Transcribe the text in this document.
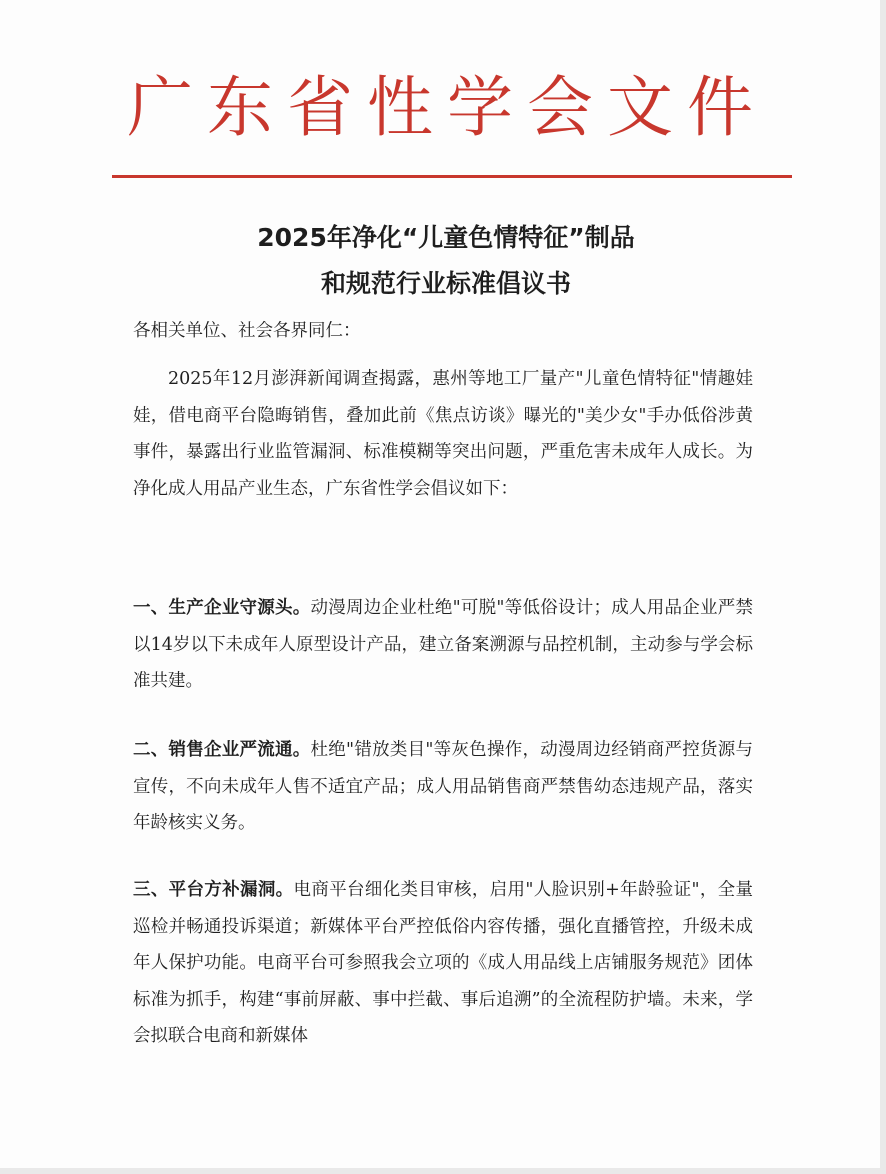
广东省性学会文件
2025年净化“儿童色情特征”制品
和规范行业标准倡议书
各相关单位、社会各界同仁：
2025年12月澎湃新闻调查揭露，惠州等地工厂量产"儿童色情特征"情趣娃娃，借电商平台隐晦销售，叠加此前《焦点访谈》曝光的"美少女"手办低俗涉黄事件，暴露出行业监管漏洞、标准模糊等突出问题，严重危害未成年人成长。为净化成人用品产业生态，广东省性学会倡议如下：
一、生产企业守源头。动漫周边企业杜绝"可脱"等低俗设计；成人用品企业严禁以14岁以下未成年人原型设计产品，建立备案溯源与品控机制，主动参与学会标准共建。
二、销售企业严流通。杜绝"错放类目"等灰色操作，动漫周边经销商严控货源与宣传，不向未成年人售不适宜产品；成人用品销售商严禁售幼态违规产品，落实年龄核实义务。
三、平台方补漏洞。电商平台细化类目审核，启用"人脸识别+年龄验证"，全量巡检并畅通投诉渠道；新媒体平台严控低俗内容传播，强化直播管控，升级未成年人保护功能。电商平台可参照我会立项的《成人用品线上店铺服务规范》团体标准为抓手，构建“事前屏蔽、事中拦截、事后追溯”的全流程防护墙。未来，学会拟联合电商和新媒体
